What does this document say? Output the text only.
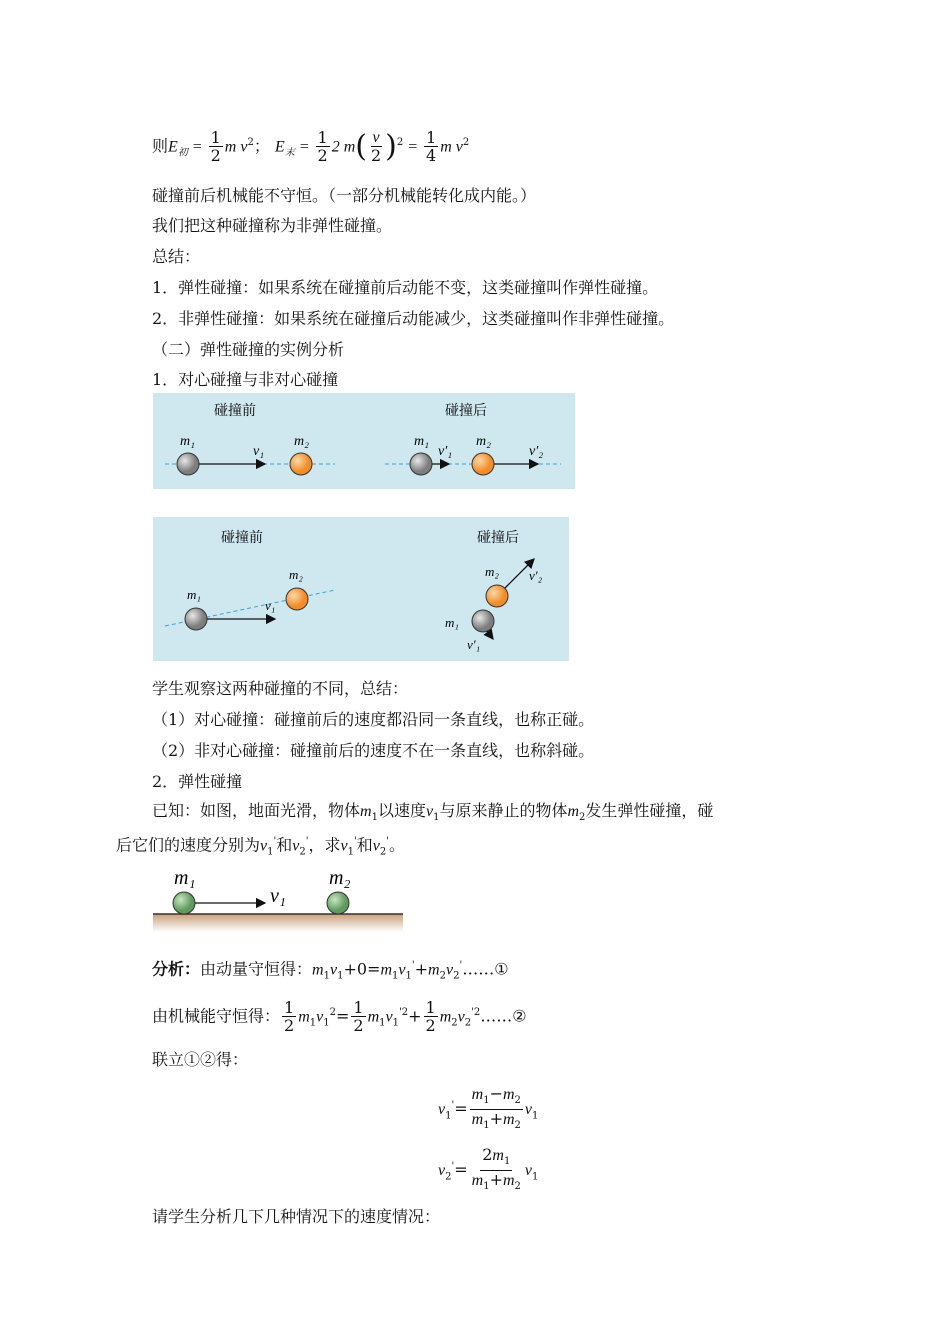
则$E_初 = \frac{1}{2}$ m $v^2$； $E_末 = \frac{1}{2} 2$ $m( \frac{v}{2} )^2 = \frac{1}{4}$ m $v^2$
碰撞前后机械能不守恒。（一部分机械能转化成内能。）
我们把这种碰撞称为非弹性碰撞。
总结：
1．弹性碰撞：如果系统在碰撞前后动能不变，这类碰撞叫作弹性碰撞。
2．非弹性碰撞：如果系统在碰撞后动能减少，这类碰撞叫作非弹性碰撞。
（二）弹性碰撞的实例分析
1．对心碰撞与非对心碰撞
碰撞前	碰撞后
m₁
v₁
m₂	m₁
v′₁
m₂
v′₂
碰撞前	碰撞后
m₁
v₁
m₂	m₂ v′₂
m₁
v′₁
学生观察这两种碰撞的不同，总结：
（1）对心碰撞：碰撞前后的速度都沿同一条直线，也称正碰。
（2）非对心碰撞：碰撞前后的速度不在一条直线，也称斜碰。
2．弹性碰撞
已知：如图，地面光滑，物体$m_1$以速度$v_1$与原来静止的物体$m_2$发生弹性碰撞，碰
后它们的速度分别为$v_1'$和$v_2'$，求$v_1'$和$v_2'$。
m₁
v₁
m₂
分析：由动量守恒得：$m_1v_1+0=m_1v_1'+m_2v_2'\dots\dots ①$
由机械能守恒得： $\frac{1}{2} m_1v_1^2= \frac{1}{2} m_1v_1^{'2}+ \frac{1}{2}$ $m_2v_2^{'2}\dots\dots ②$
联立①②得：
$v_1'= \frac{m_1-m_2}{m_1+m_2} v_1$
$v_2'= \frac{2m_1}{m_1+m_2} v_1$
请学生分析几下几种情况下的速度情况：
